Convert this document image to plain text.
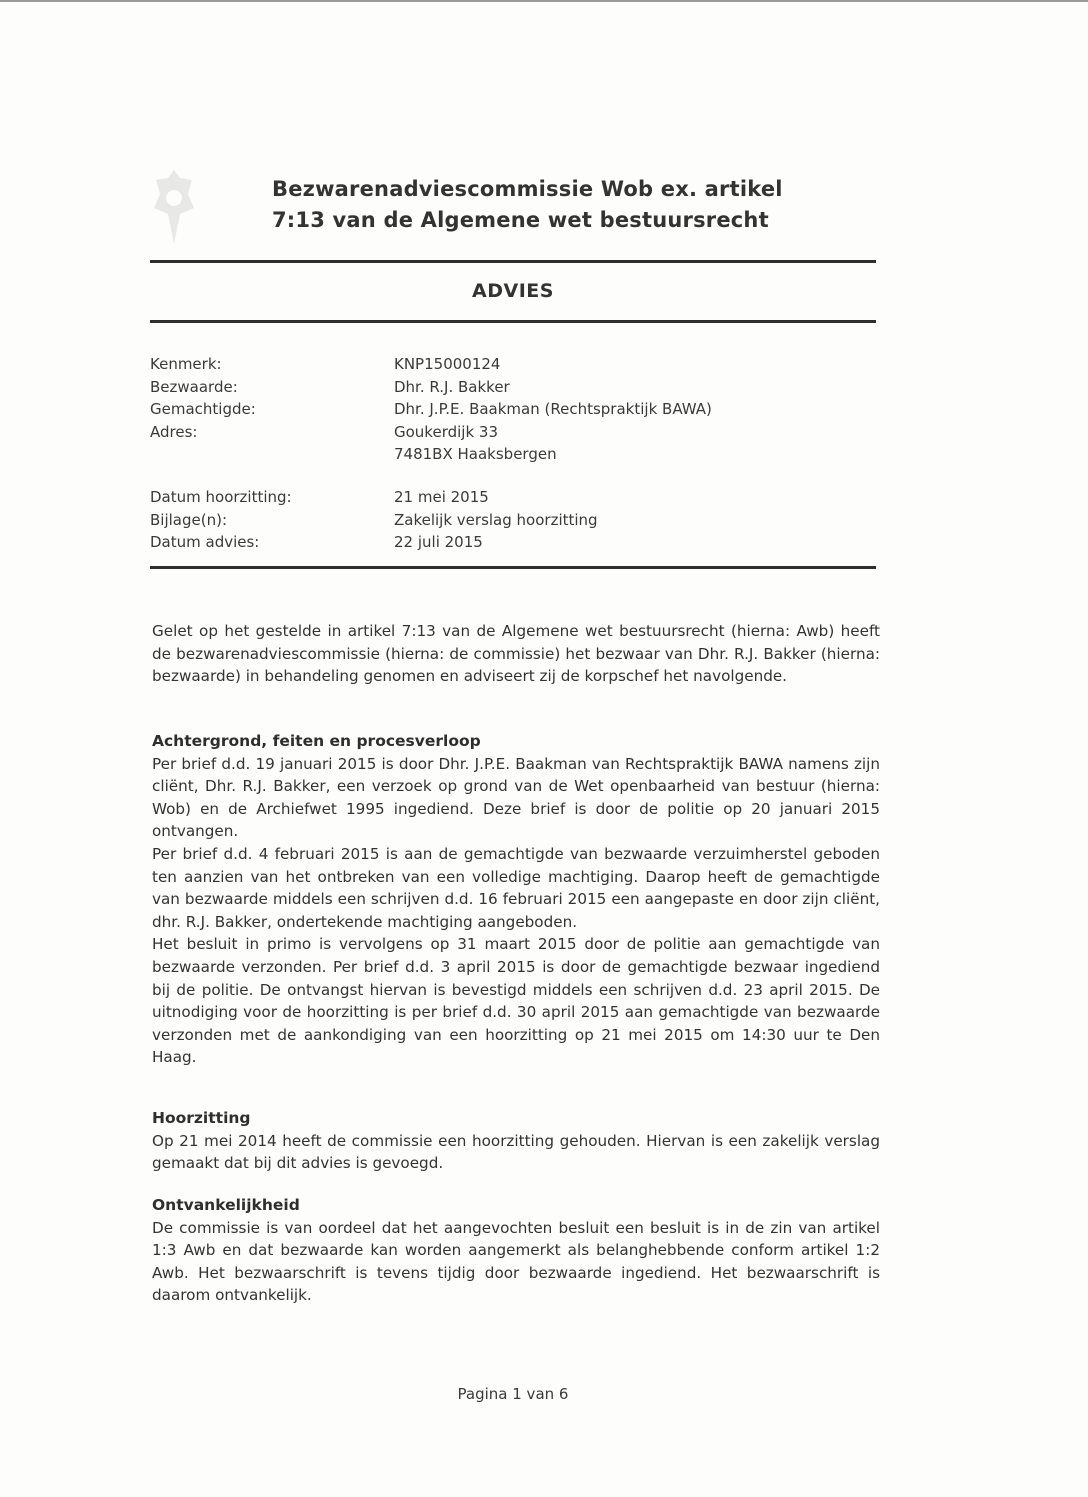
Bezwarenadviescommissie Wob ex. artikel
7:13 van de Algemene wet bestuursrecht
ADVIES
Kenmerk:	KNP15000124
Bezwaarde:	Dhr. R.J. Bakker
Gemachtigde:	Dhr. J.P.E. Baakman (Rechtspraktijk BAWA)
Adres:	Goukerdijk 33
7481BX Haaksbergen
Datum hoorzitting:	21 mei 2015
Bijlage(n):	Zakelijk verslag hoorzitting
Datum advies:	22 juli 2015

Gelet op het gestelde in artikel 7:13 van de Algemene wet bestuursrecht (hierna: Awb) heeft de bezwarenadviescommissie (hierna: de commissie) het bezwaar van Dhr. R.J. Bakker (hierna: bezwaarde) in behandeling genomen en adviseert zij de korpschef het navolgende.

Achtergrond, feiten en procesverloop

Per brief d.d. 19 januari 2015 is door Dhr. J.P.E. Baakman van Rechtspraktijk BAWA namens zijn cliënt, Dhr. R.J. Bakker, een verzoek op grond van de Wet openbaarheid van bestuur (hierna: Wob) en de Archiefwet 1995 ingediend. Deze brief is door de politie op 20 januari 2015 ontvangen.

Per brief d.d. 4 februari 2015 is aan de gemachtigde van bezwaarde verzuimherstel geboden ten aanzien van het ontbreken van een volledige machtiging. Daarop heeft de gemachtigde van bezwaarde middels een schrijven d.d. 16 februari 2015 een aangepaste en door zijn cliënt, dhr. R.J. Bakker, ondertekende machtiging aangeboden.

Het besluit in primo is vervolgens op 31 maart 2015 door de politie aan gemachtigde van bezwaarde verzonden. Per brief d.d. 3 april 2015 is door de gemachtigde bezwaar ingediend bij de politie. De ontvangst hiervan is bevestigd middels een schrijven d.d. 23 april 2015. De uitnodiging voor de hoorzitting is per brief d.d. 30 april 2015 aan gemachtigde van bezwaarde verzonden met de aankondiging van een hoorzitting op 21 mei 2015 om 14:30 uur te Den Haag.

Hoorzitting

Op 21 mei 2014 heeft de commissie een hoorzitting gehouden. Hiervan is een zakelijk verslag gemaakt dat bij dit advies is gevoegd.

Ontvankelijkheid

De commissie is van oordeel dat het aangevochten besluit een besluit is in de zin van artikel 1:3 Awb en dat bezwaarde kan worden aangemerkt als belanghebbende conform artikel 1:2 Awb. Het bezwaarschrift is tevens tijdig door bezwaarde ingediend. Het bezwaarschrift is daarom ontvankelijk.

Pagina 1 van 6
